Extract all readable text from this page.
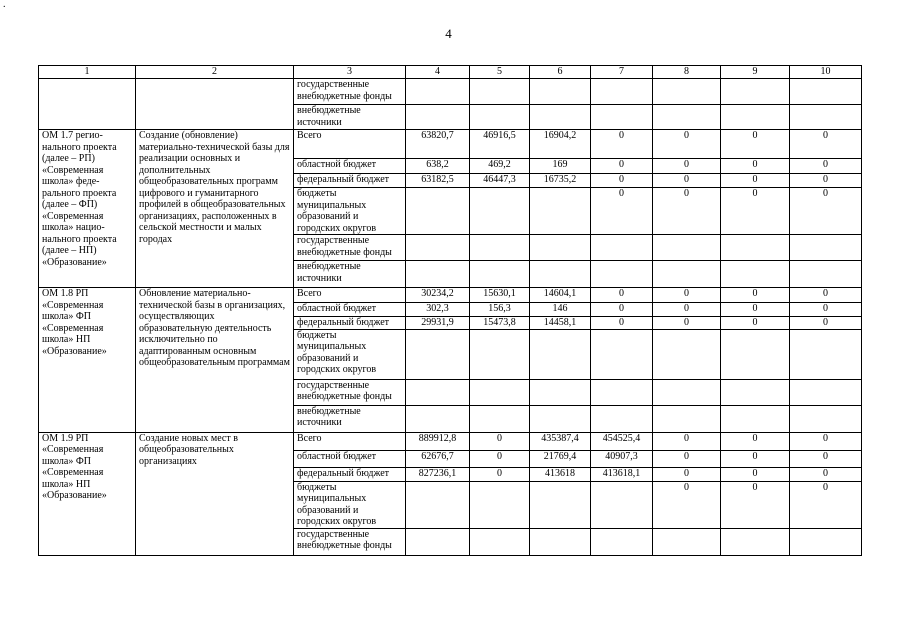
.
4
1	2	3	4	5	6	7	8	9	10
		государственные внебюджетные фонды							
		внебюджетные источники							
ОМ 1.7 регио-нального проекта (далее – РП) «Современная школа» феде-рального проекта (далее – ФП) «Современная школа» нацио-нального проекта (далее – НП) «Образование»	Создание (обновление) материально-технической базы для реализации основных и дополнительных общеобразовательных программ цифрового и гуманитарного профилей в общеобразовательных организациях, расположенных в сельской местности и малых городах	Всего	63820,7	46916,5	16904,2	0	0	0	0
		областной бюджет	638,2	469,2	169	0	0	0	0
		федеральный бюджет	63182,5	46447,3	16735,2	0	0	0	0
		бюджеты муниципальных образований и городских округов				0	0	0	0
		государственные внебюджетные фонды							
		внебюджетные источники							
ОМ 1.8 РП «Современная школа» ФП «Современная школа» НП «Образование»	Обновление материально-технической базы в организациях, осуществляющих образовательную деятельность исключительно по адаптированным основным общеобразовательным программам	Всего	30234,2	15630,1	14604,1	0	0	0	0
		областной бюджет	302,3	156,3	146	0	0	0	0
		федеральный бюджет	29931,9	15473,8	14458,1	0	0	0	0
		бюджеты муниципальных образований и городских округов							
		государственные внебюджетные фонды							
		внебюджетные источники							
ОМ 1.9 РП «Современная школа» ФП «Современная школа» НП «Образование»	Создание новых мест в общеобразовательных организациях	Всего	889912,8	0	435387,4	454525,4	0	0	0
		областной бюджет	62676,7	0	21769,4	40907,3	0	0	0
		федеральный бюджет	827236,1	0	413618	413618,1	0	0	0
		бюджеты муниципальных образований и городских округов					0	0	0
		государственные внебюджетные фонды							
